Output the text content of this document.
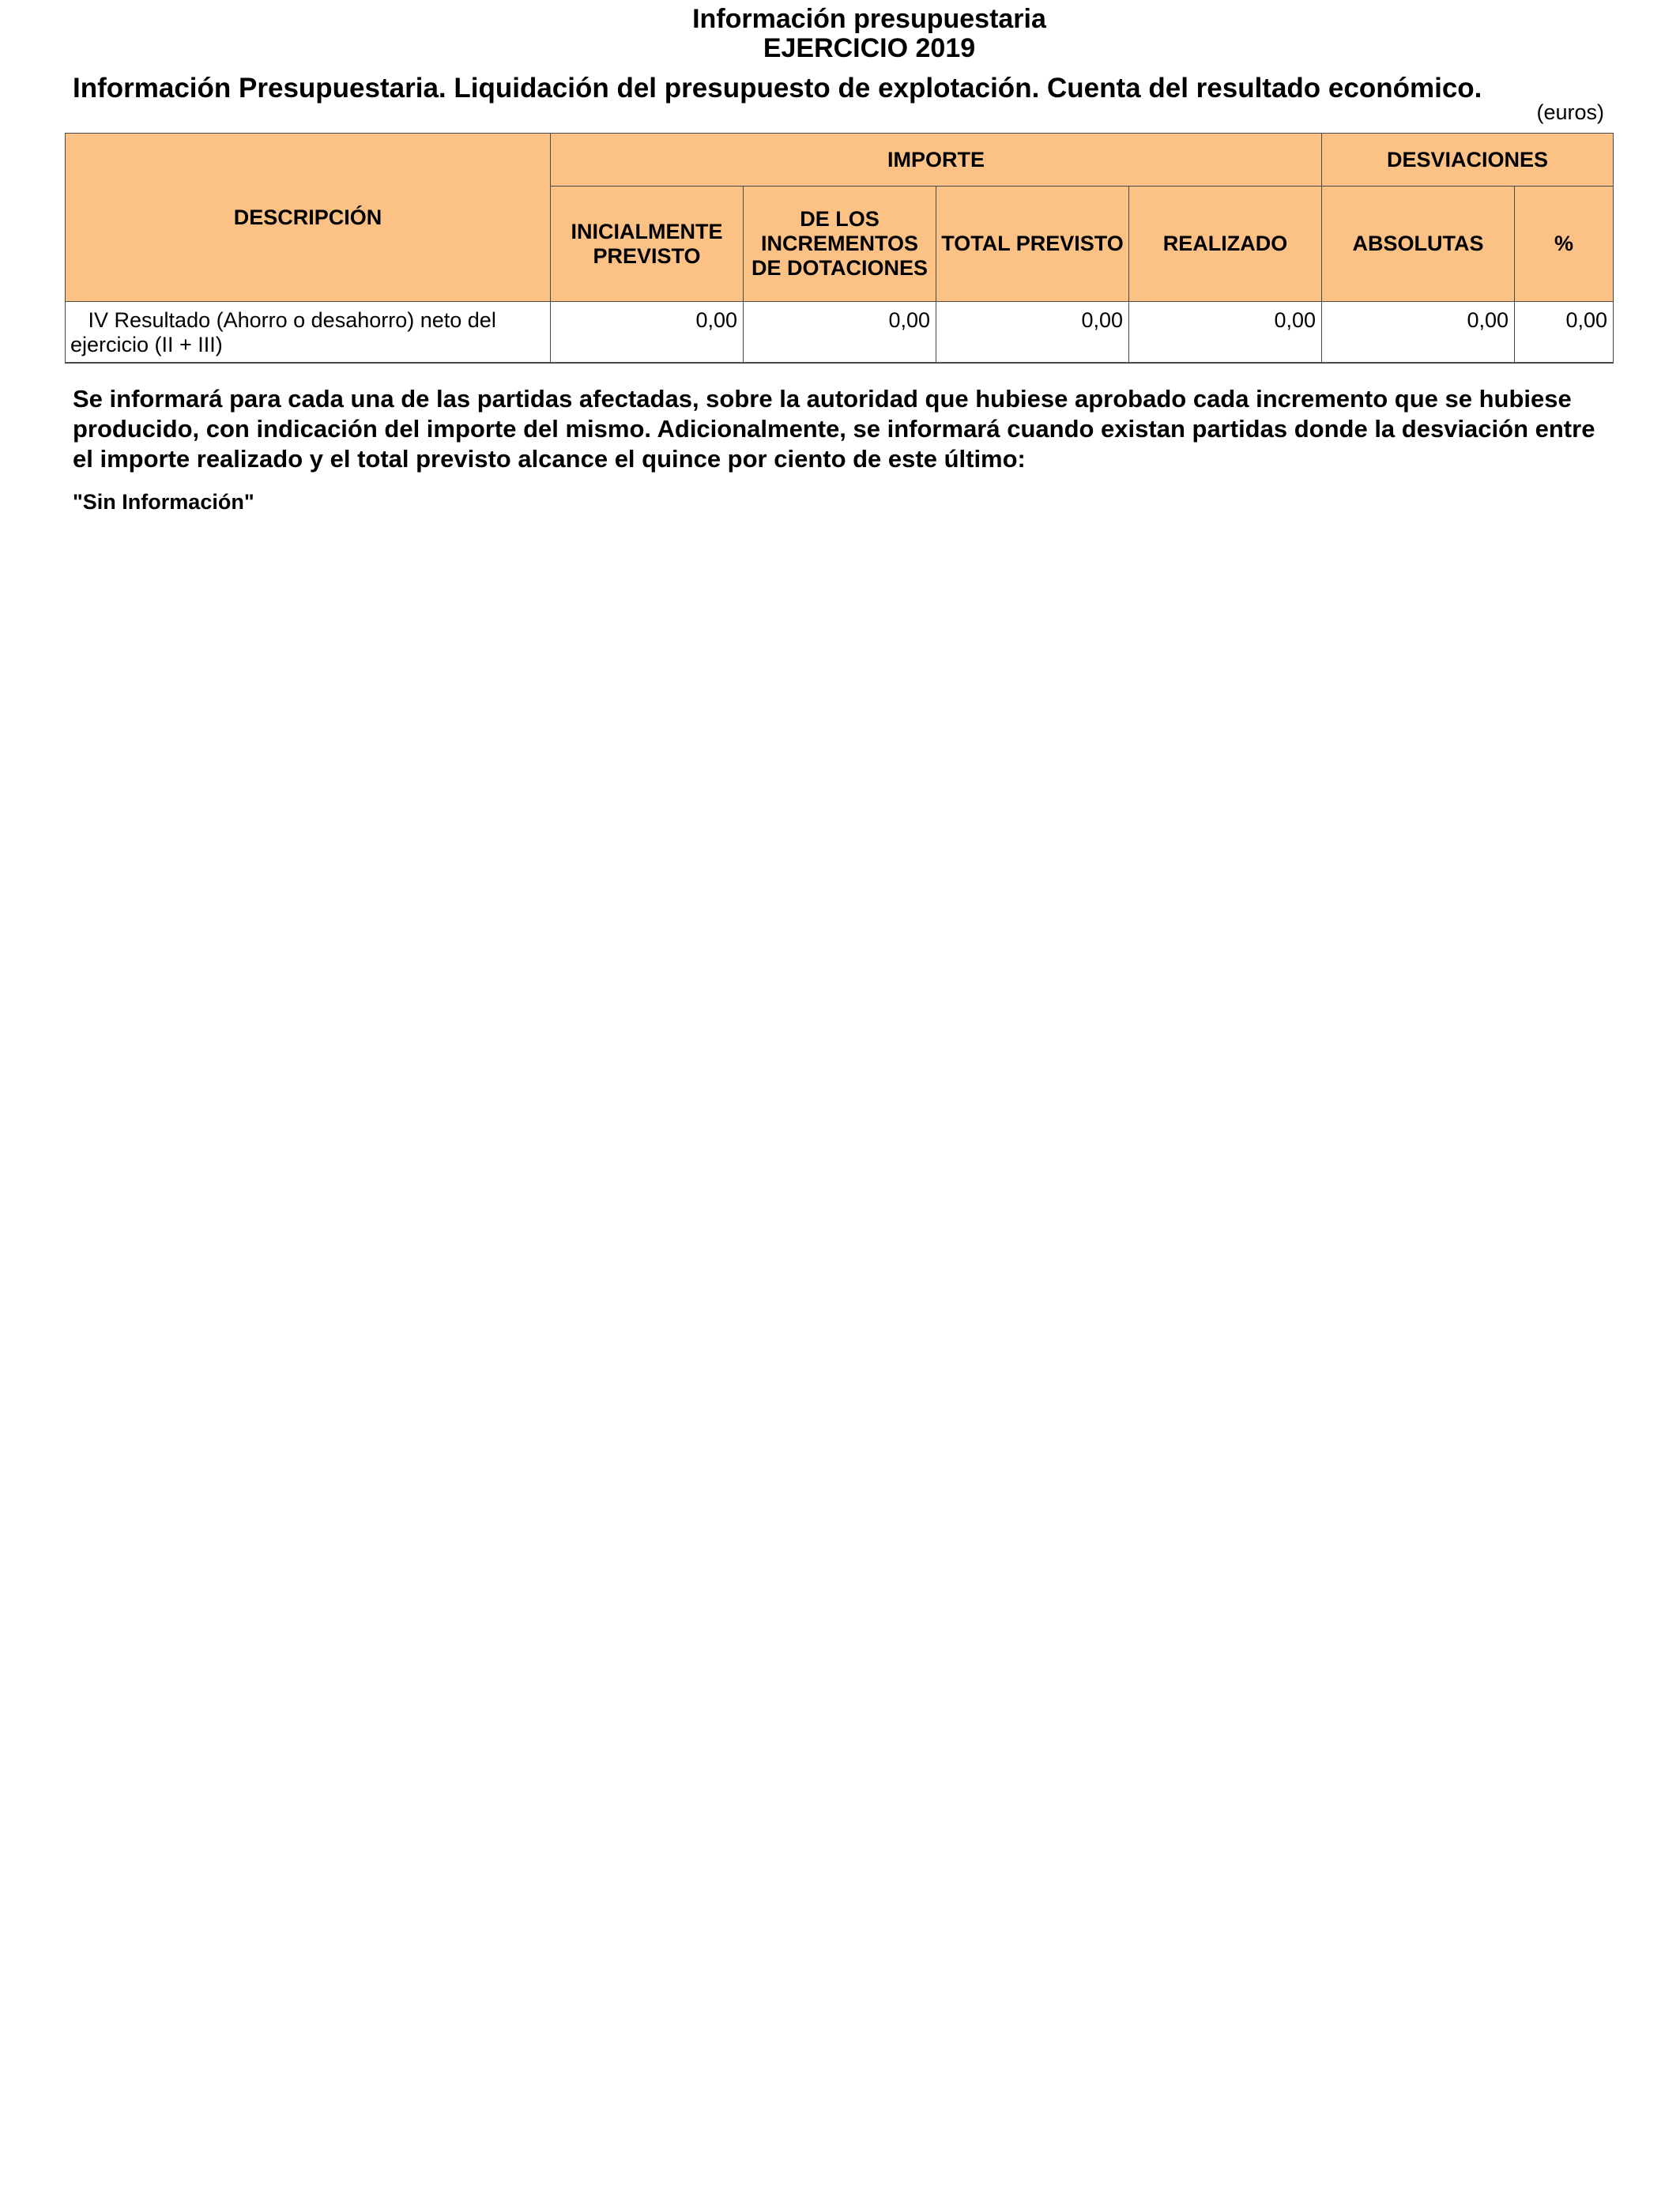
Información presupuestaria
EJERCICIO 2019
Información Presupuestaria. Liquidación del presupuesto de explotación. Cuenta del resultado económico.
(euros)
DESCRIPCIÓN	IMPORTE				DESVIACIONES	
	INICIALMENTE PREVISTO	DE LOS INCREMENTOS DE DOTACIONES	TOTAL PREVISTO	REALIZADO	ABSOLUTAS	%
IV Resultado (Ahorro o desahorro) neto del ejercicio (II + III)	0,00	0,00	0,00	0,00	0,00	0,00
Se informará para cada una de las partidas afectadas, sobre la autoridad que hubiese aprobado cada incremento que se hubiese producido, con indicación del importe del mismo. Adicionalmente, se informará cuando existan partidas donde la desviación entre el importe realizado y el total previsto alcance el quince por ciento de este último:
"Sin Información"
